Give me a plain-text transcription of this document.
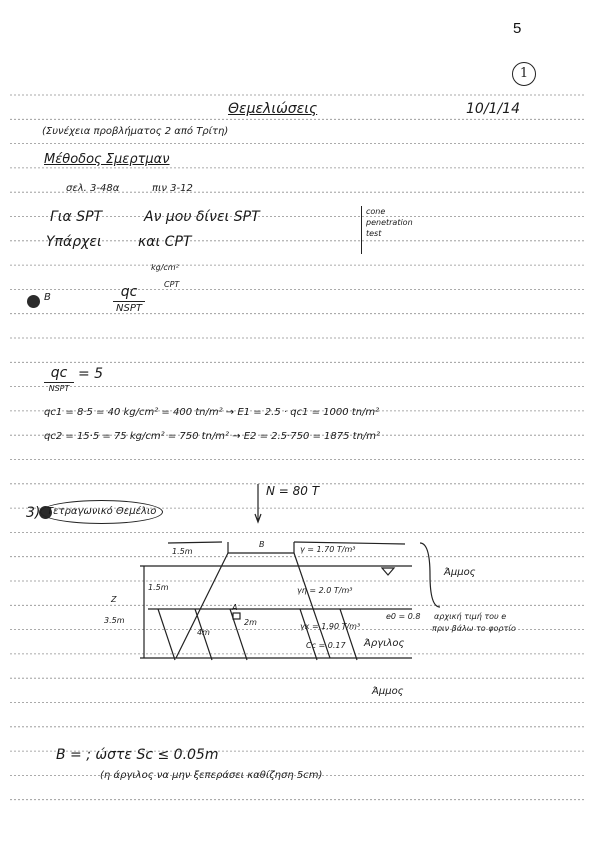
5
1
Θεμελιώσεις	10/1/14
(Συνέχεια προβλήματος 2 από Τρίτη)
Μέθοδος Σμερτμαν
σελ. 3-48α	πιν 3-12
Για SPT	Αν μου δίνει SPT
Υπάρχει	και CPT
cone
penetration
test
B	qc
NSPT
kg/cm²
CPT
qc
NSPT
= 5
qc1 = 8·5 = 40 kg/cm² = 400 tn/m² → E1 = 2.5 · qc1 = 1000 tn/m²
qc2 = 15·5 = 75 kg/cm² = 750 tn/m² → E2 = 2.5·750 = 1875 tn/m²
3) Τετραγωνικό Θεμέλιο
N = 80 T
1.5m	γ = 1.70 T/m³
1.5m	γη = 2.0 T/m³
Z
3.5m
4m
2m
A
B
γκ = 1.90 T/m³
Cc = 0.17
e0 = 0.8 αρχική τιμή του e
πριν βάλω το φορτίο
Άμμος
Άργιλος
Άμμος
B = ; ώστε Sc ≤ 0.05m
(η άργιλος να μην ξεπεράσει καθίζηση 5cm)
